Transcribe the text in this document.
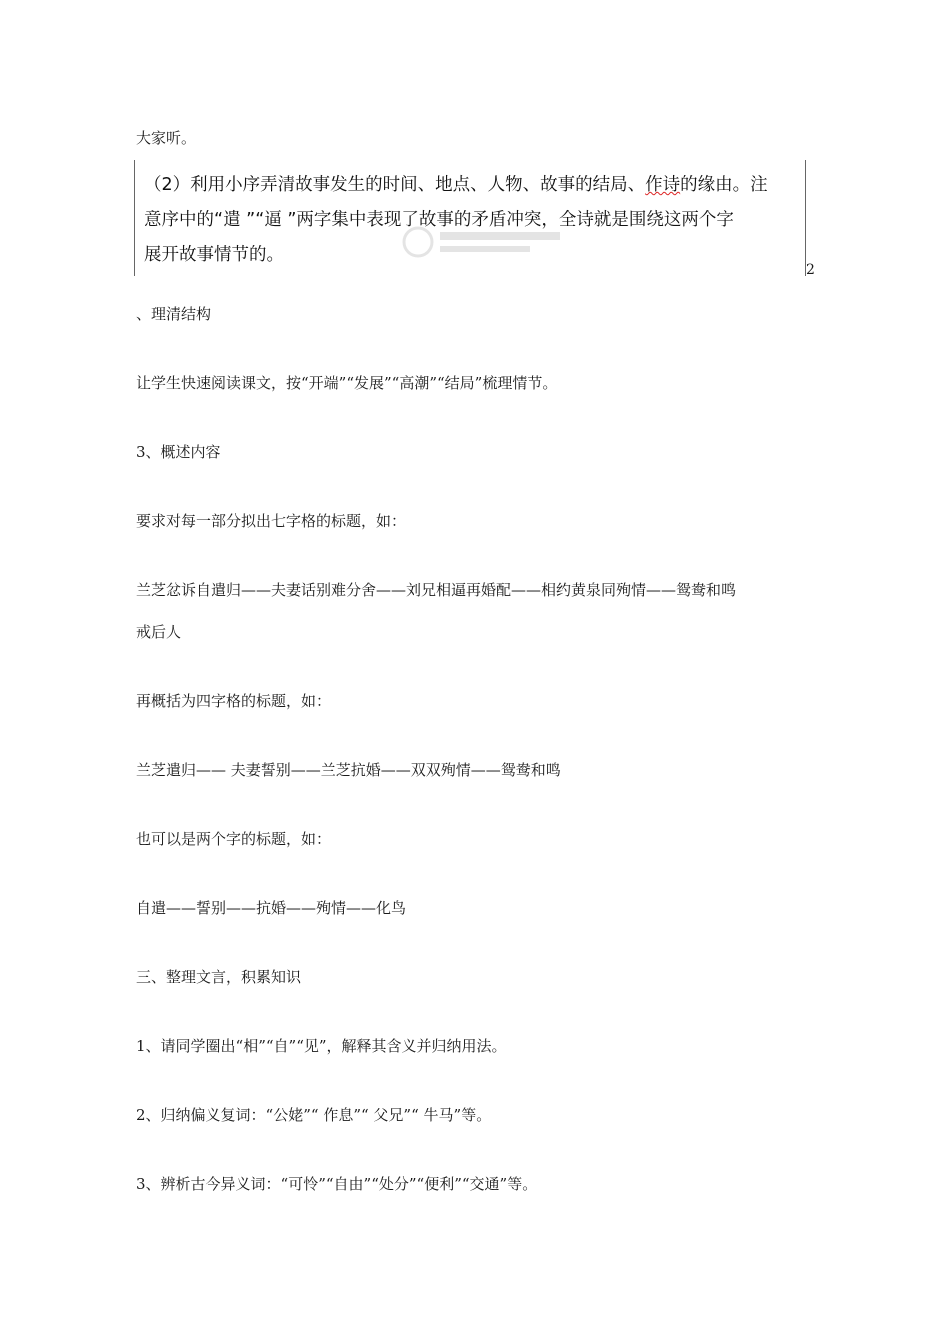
大家听。
（2）利用小序弄清故事发生的时间、地点、人物、故事的结局、作诗的缘由。注
意序中的“遣 ”“逼 ”两字集中表现了故事的矛盾冲突，全诗就是围绕这两个字
展开故事情节的。
2
、理清结构
让学生快速阅读课文，按“开端”“发展”“高潮”“结局”梳理情节。
3、概述内容
要求对每一部分拟出七字格的标题，如：
兰芝忿诉自遣归——夫妻话别难分舍——刘兄相逼再婚配——相约黄泉同殉情——鸳鸯和鸣
戒后人
再概括为四字格的标题，如：
兰芝遣归—— 夫妻誓别——兰芝抗婚——双双殉情——鸳鸯和鸣
也可以是两个字的标题，如：
自遣——誓别——抗婚——殉情——化鸟
三、整理文言，积累知识
1、请同学圈出“相”“自”“见”，解释其含义并归纳用法。
2、归纳偏义复词：“公姥”“ 作息”“ 父兄”“ 牛马”等。
3、辨析古今异义词：“可怜”“自由”“处分”“便利”“交通”等。
